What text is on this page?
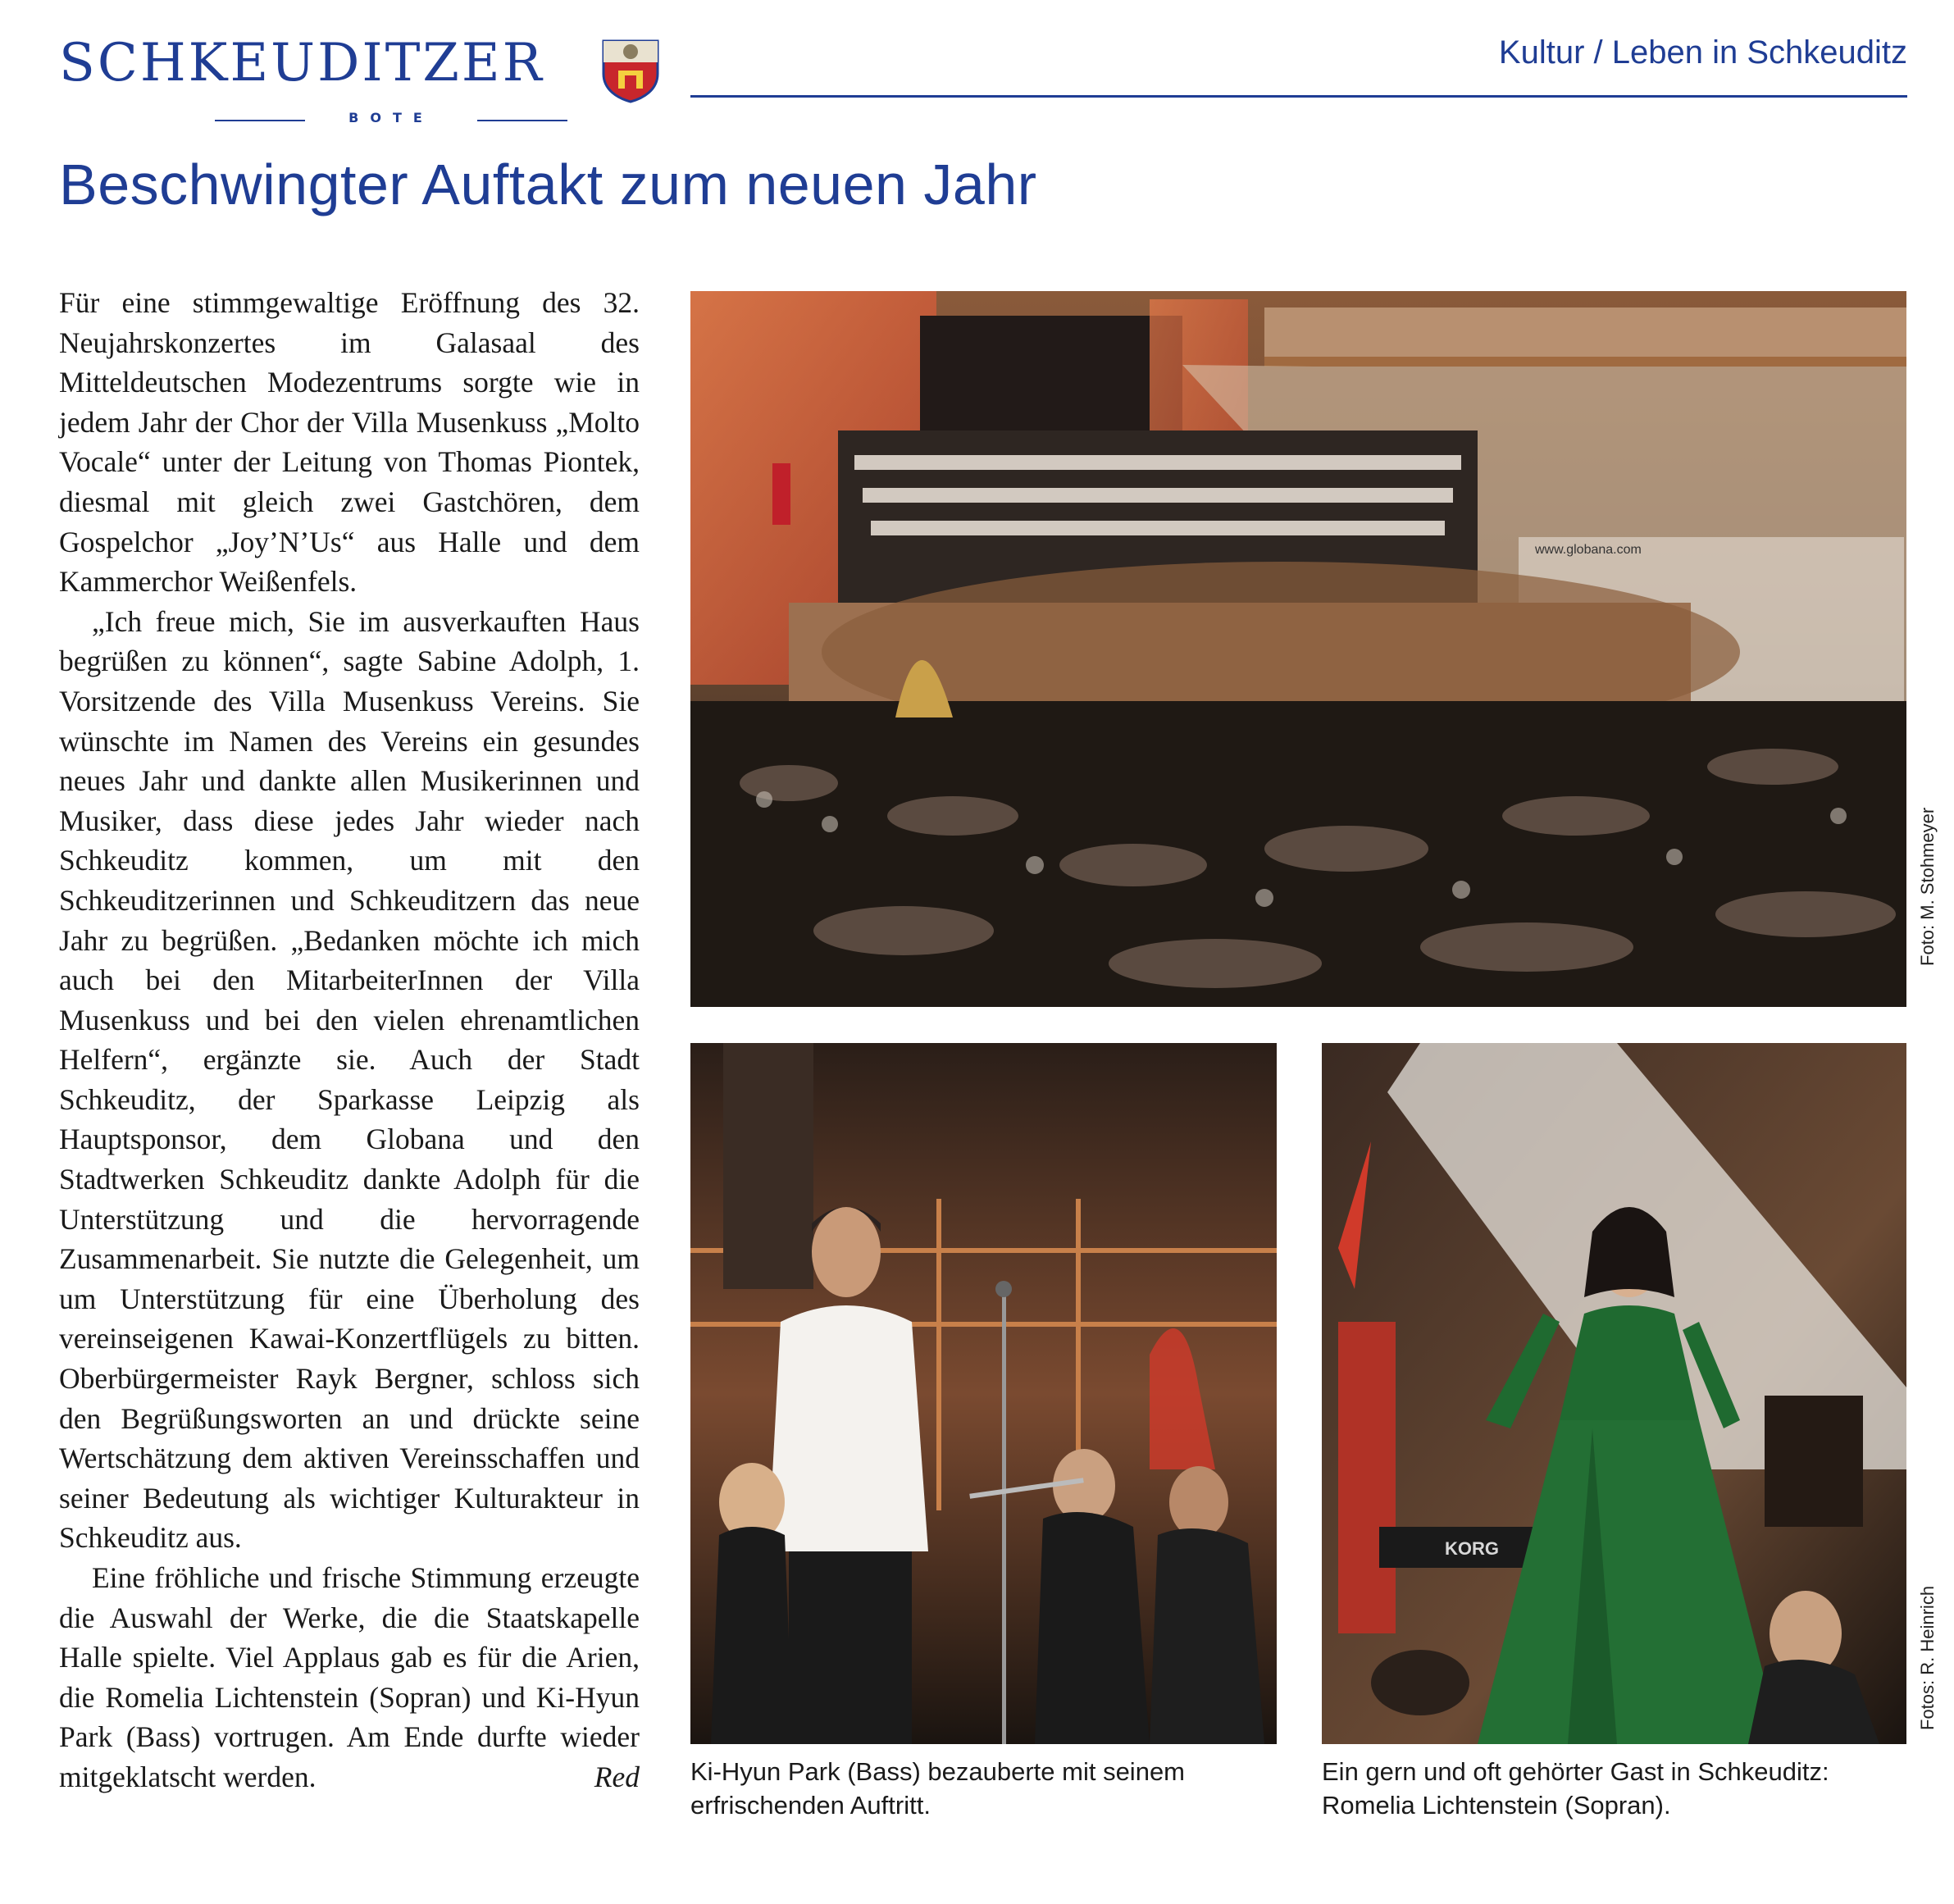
SCHKEUDITZER
BOTE
Kultur / Leben in Schkeuditz
Beschwingter Auftakt zum neuen Jahr

Für eine stimmgewaltige Eröffnung des 32. Neujahrskonzertes im Galasaal des Mitteldeutschen Modezentrums sorgte wie in jedem Jahr der Chor der Villa Musenkuss „Molto Vocale“ unter der Leitung von Thomas Piontek, diesmal mit gleich zwei Gastchören, dem Gospelchor „Joy’N’Us“ aus Halle und dem Kammerchor Weißenfels.

„Ich freue mich, Sie im ausverkauften Haus begrüßen zu können“, sagte Sabine Adolph, 1. Vorsitzende des Villa Musenkuss Vereins. Sie wünschte im Namen des Vereins ein gesundes neues Jahr und dankte allen Musikerinnen und Musiker, dass diese jedes Jahr wieder nach Schkeuditz kommen, um mit den Schkeuditzerinnen und Schkeuditzern das neue Jahr zu begrüßen. „Bedanken möchte ich mich auch bei den MitarbeiterInnen der Villa Musenkuss und bei den vielen ehrenamtlichen Helfern“, ergänzte sie. Auch der Stadt Schkeuditz, der Sparkasse Leipzig als Hauptsponsor, dem Globana und den Stadtwerken Schkeuditz dankte Adolph für die Unterstützung und die hervorragende Zusammenarbeit. Sie nutzte die Gelegenheit, um um Unterstützung für eine Überholung des vereinseigenen Kawai-Konzertflügels zu bitten. Oberbürgermeister Rayk Bergner, schloss sich den Begrüßungsworten an und drückte seine Wertschätzung dem aktiven Vereinsschaffen und seiner Bedeutung als wichtiger Kulturakteur in Schkeuditz aus.

Eine fröhliche und frische Stimmung erzeugte die Auswahl der Werke, die die Staatskapelle Halle spielte. Viel Applaus gab es für die Arien, die Romelia Lichtenstein (Sopran) und Ki-Hyun Park (Bass) vortrugen. Am Ende durfte wieder mitgeklatscht werden.	Red

www.globana.com
Foto: M. Stohmeyer
KORG
Fotos: R. Heinrich
Ki-Hyun Park (Bass) bezauberte mit seinem erfrischenden Auftritt.
Ein gern und oft gehörter Gast in Schkeuditz: Romelia Lichtenstein (Sopran).
